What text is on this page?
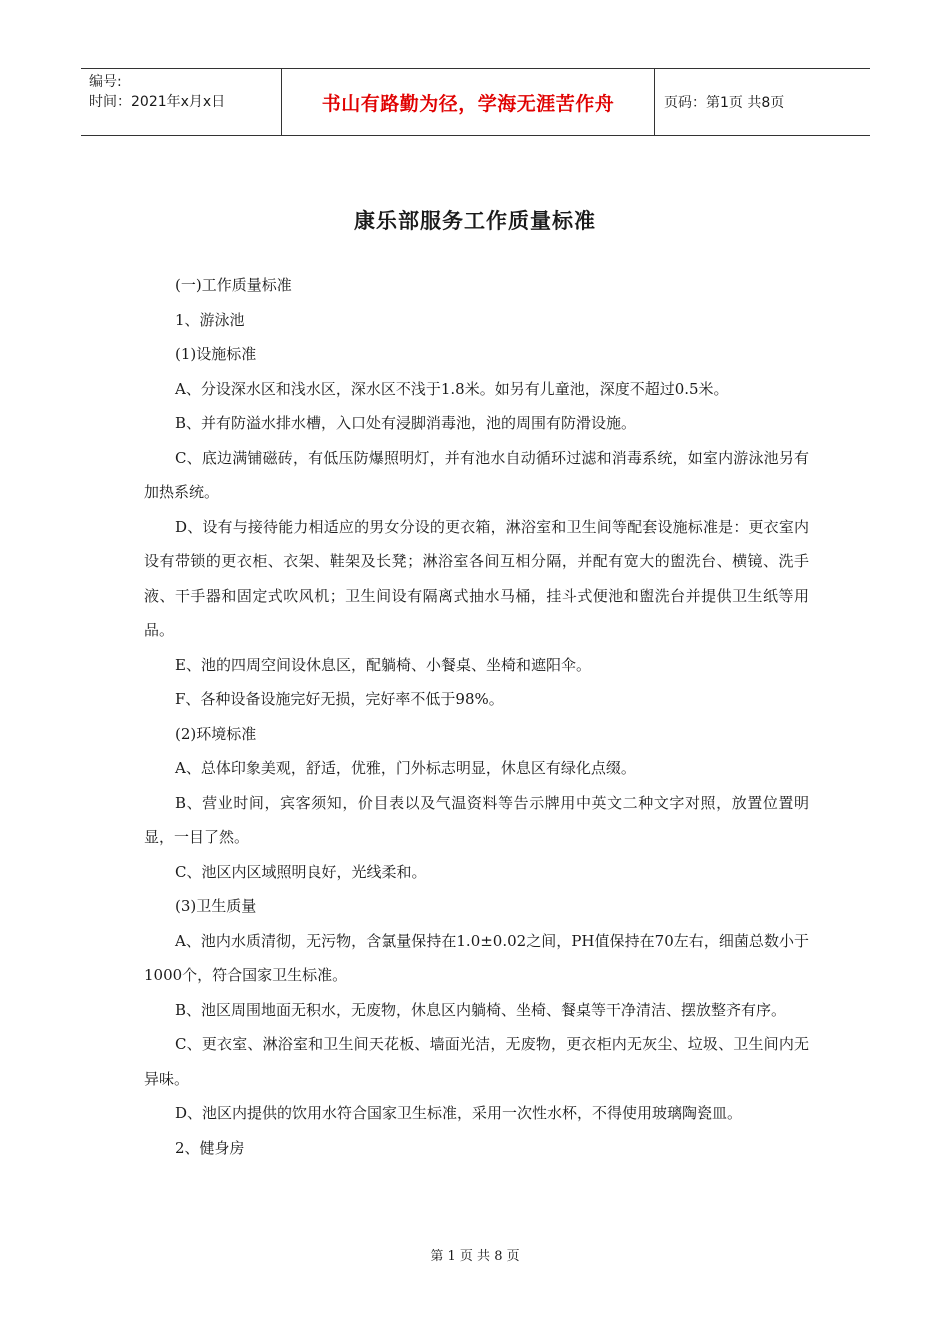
编号:
时间：2021年x月x日	书山有路勤为径，学海无涯苦作舟	页码：第1页 共8页
康乐部服务工作质量标准

(一)工作质量标准

1、游泳池

(1)设施标准

A、分设深水区和浅水区，深水区不浅于1.8米。如另有儿童池，深度不超过0.5米。

B、并有防溢水排水槽，入口处有浸脚消毒池，池的周围有防滑设施。

C、底边满铺磁砖，有低压防爆照明灯，并有池水自动循环过滤和消毒系统，如室内游泳池另有加热系统。

D、设有与接待能力相适应的男女分设的更衣箱，淋浴室和卫生间等配套设施标准是：更衣室内设有带锁的更衣柜、衣架、鞋架及长凳；淋浴室各间互相分隔，并配有宽大的盥洗台、横镜、洗手液、干手器和固定式吹风机；卫生间设有隔离式抽水马桶，挂斗式便池和盥洗台并提供卫生纸等用品。

E、池的四周空间设休息区，配躺椅、小餐桌、坐椅和遮阳伞。

F、各种设备设施完好无损，完好率不低于98%。

(2)环境标准

A、总体印象美观，舒适，优雅，门外标志明显，休息区有绿化点缀。

B、营业时间，宾客须知，价目表以及气温资料等告示牌用中英文二种文字对照，放置位置明显，一目了然。

C、池区内区域照明良好，光线柔和。

(3)卫生质量

A、池内水质清彻，无污物，含氯量保持在1.0±0.02之间，PH值保持在70左右，细菌总数小于1000个，符合国家卫生标准。

B、池区周围地面无积水，无废物，休息区内躺椅、坐椅、餐桌等干净清洁、摆放整齐有序。

C、更衣室、淋浴室和卫生间天花板、墙面光洁，无废物，更衣柜内无灰尘、垃圾、卫生间内无异味。

D、池区内提供的饮用水符合国家卫生标准，采用一次性水杯，不得使用玻璃陶瓷皿。

2、健身房

第 1 页 共 8 页
